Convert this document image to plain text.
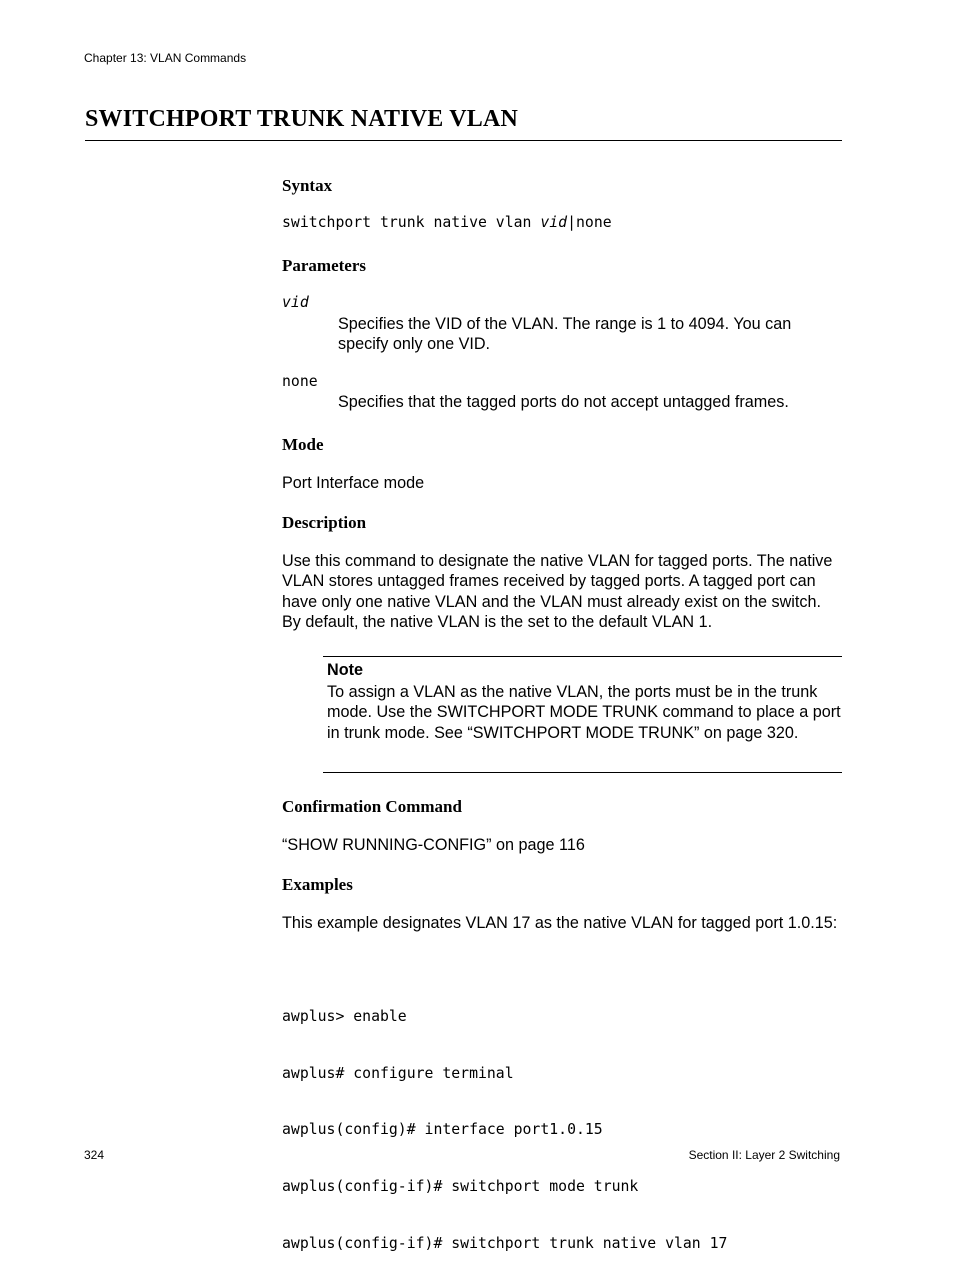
Chapter 13: VLAN Commands
SWITCHPORT TRUNK NATIVE VLAN
Syntax
switchport trunk native vlan vid|none
Parameters
vid
Specifies the VID of the VLAN. The range is 1 to 4094. You can specify only one VID.
none
Specifies that the tagged ports do not accept untagged frames.
Mode
Port Interface mode
Description
Use this command to designate the native VLAN for tagged ports. The native VLAN stores untagged frames received by tagged ports. A tagged port can have only one native VLAN and the VLAN must already exist on the switch. By default, the native VLAN is the set to the default VLAN 1.
Note
To assign a VLAN as the native VLAN, the ports must be in the trunk mode. Use the SWITCHPORT MODE TRUNK command to place a port in trunk mode. See “SWITCHPORT MODE TRUNK” on page 320.
Confirmation Command
“SHOW RUNNING-CONFIG” on page 116
Examples
This example designates VLAN 17 as the native VLAN for tagged port 1.0.15:

awplus> enable

awplus# configure terminal

awplus(config)# interface port1.0.15

awplus(config-if)# switchport mode trunk

awplus(config-if)# switchport trunk native vlan 17

324	Section II: Layer 2 Switching
